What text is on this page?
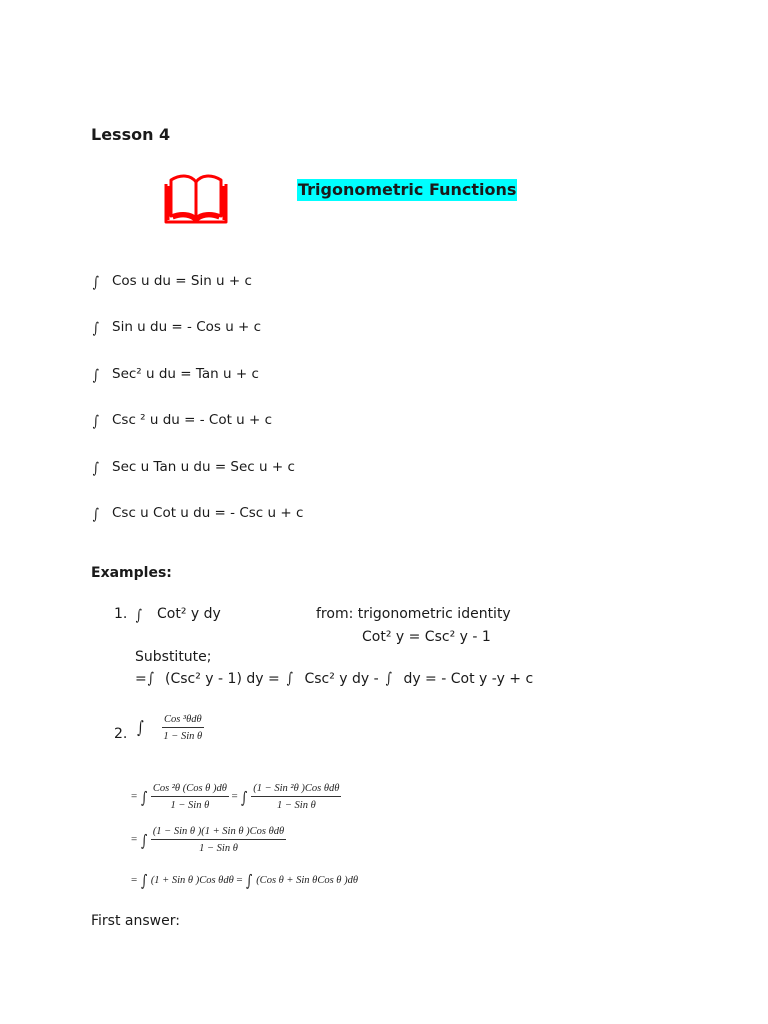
Lesson 4
Trigonometric Functions
∫ Cos u du = Sin u + c
∫ Sin u du = - Cos u + c
∫ Sec² u du = Tan u + c
∫ Csc ² u du = - Cot u + c
∫ Sec u Tan u du = Sec u + c
∫ Csc u Cot u du = - Csc u + c
Examples:
1. ∫ Cot² y dy	from: trigonometric identity
Cot² y = Csc² y - 1
Substitute;
=∫ (Csc² y - 1) dy = ∫ Csc² y dy - ∫ dy = - Cot y -y + c
2. ∫ $\frac{\text{Cos ³θdθ}}{\text{1 − Sin θ}}$
= ∫ $\frac{\text{Cos ²θ (Cos θ )dθ}}{\text{1 − Sin θ}}$ = ∫ $\frac{\text{(1 − Sin ²θ )Cos θdθ}}{\text{1 − Sin θ}}$
= ∫ $\frac{\text{(1 − Sin θ )(1 + Sin θ )Cos θdθ}}{\text{1 − Sin θ}}$
= ∫ (1 + Sin θ )Cos θdθ = ∫ (Cos θ + Sin θCos θ )dθ
First answer:
